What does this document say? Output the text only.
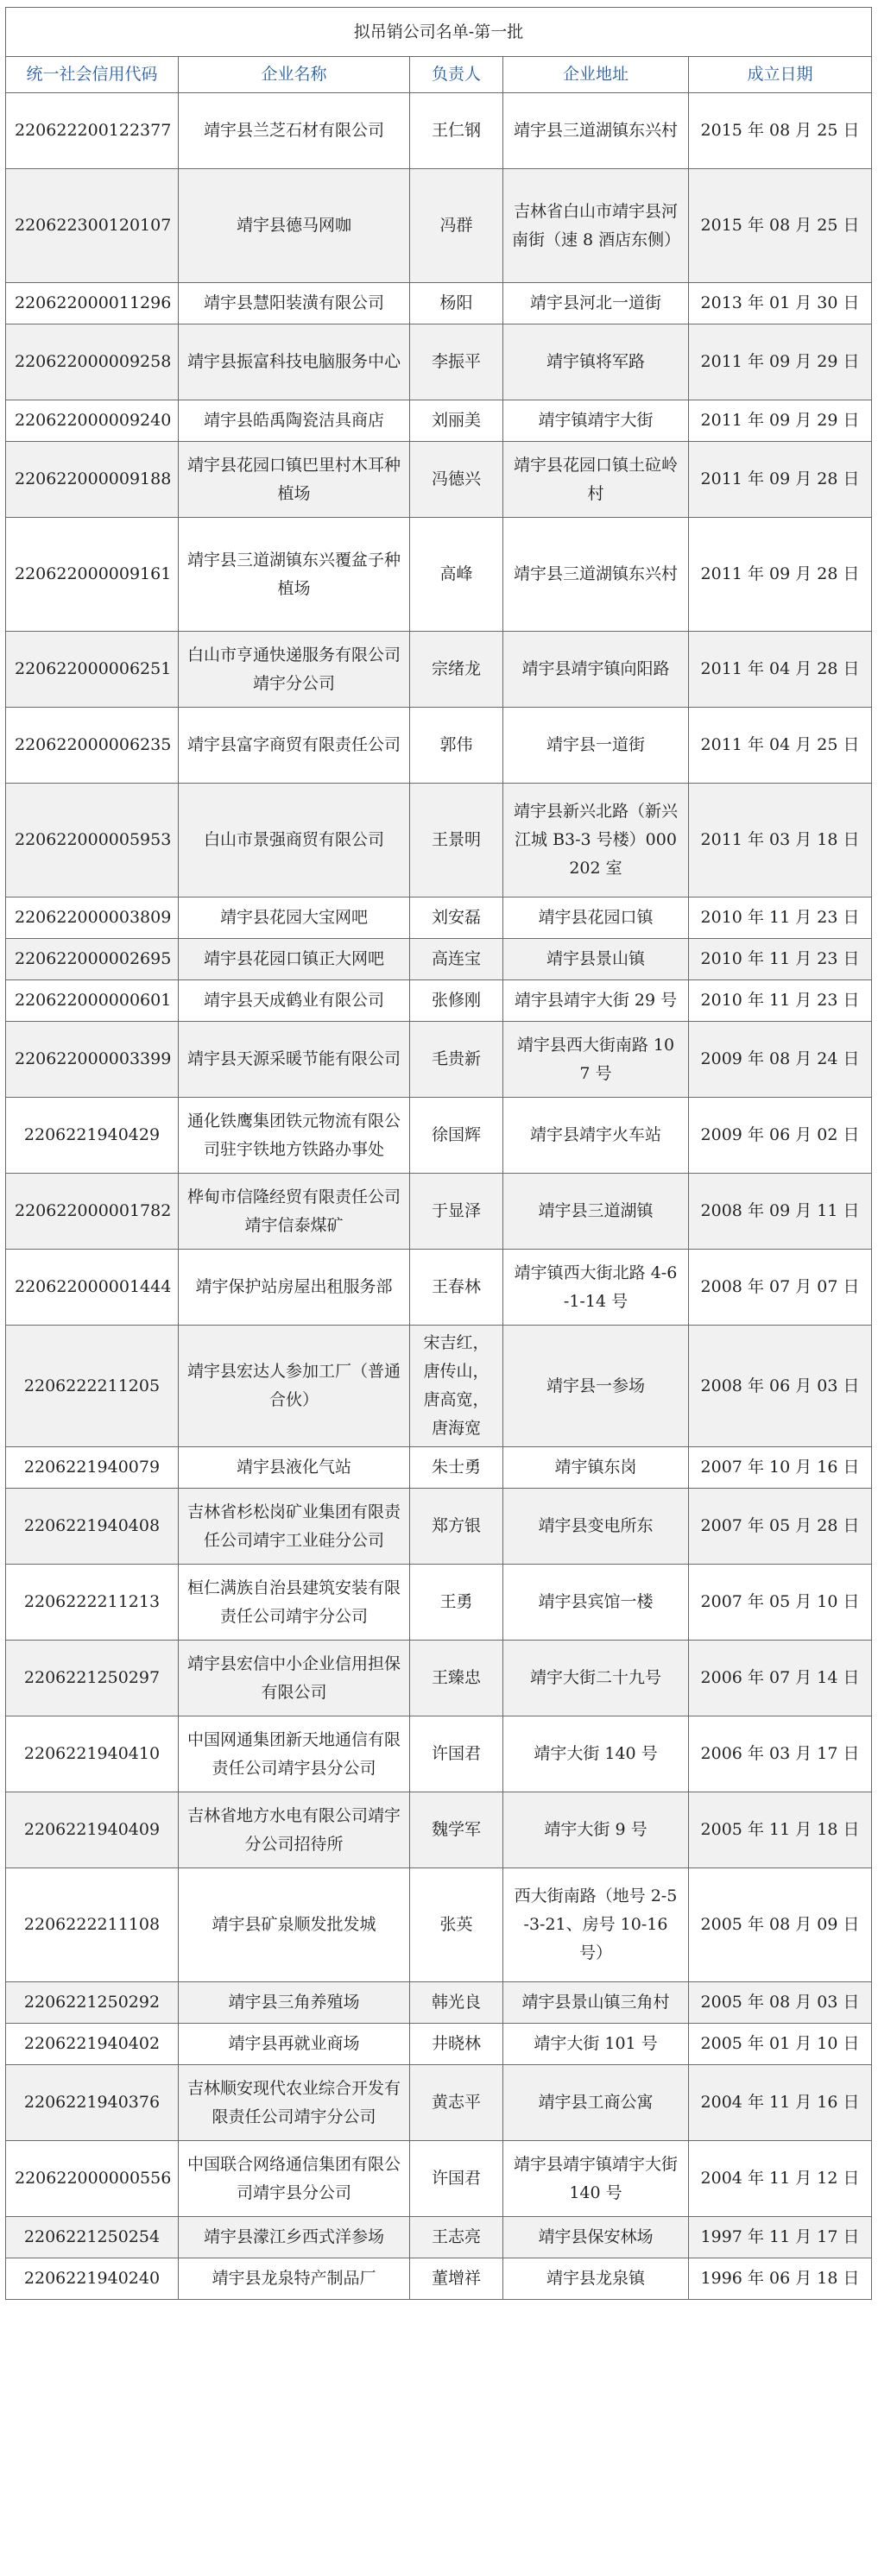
拟吊销公司名单-第一批				
统一社会信用代码	企业名称	负责人	企业地址	成立日期
220622200122377	靖宇县兰芝石材有限公司	王仁钢	靖宇县三道湖镇东兴村	2015 年 08 月 25 日
220622300120107	靖宇县德马网咖	冯群	吉林省白山市靖宇县河南街（速 8 酒店东侧）	2015 年 08 月 25 日
220622000011296	靖宇县慧阳装潢有限公司	杨阳	靖宇县河北一道街	2013 年 01 月 30 日
220622000009258	靖宇县振富科技电脑服务中心	李振平	靖宇镇将军路	2011 年 09 月 29 日
220622000009240	靖宇县皓禹陶瓷洁具商店	刘丽美	靖宇镇靖宇大街	2011 年 09 月 29 日
220622000009188	靖宇县花园口镇巴里村木耳种植场	冯德兴	靖宇县花园口镇土砬岭村	2011 年 09 月 28 日
220622000009161	靖宇县三道湖镇东兴覆盆子种植场	高峰	靖宇县三道湖镇东兴村	2011 年 09 月 28 日
220622000006251	白山市亨通快递服务有限公司靖宇分公司	宗绪龙	靖宇县靖宇镇向阳路	2011 年 04 月 28 日
220622000006235	靖宇县富字商贸有限责任公司	郭伟	靖宇县一道街	2011 年 04 月 25 日
220622000005953	白山市景强商贸有限公司	王景明	靖宇县新兴北路（新兴江城 B3-3 号楼）000202 室	2011 年 03 月 18 日
220622000003809	靖宇县花园大宝网吧	刘安磊	靖宇县花园口镇	2010 年 11 月 23 日
220622000002695	靖宇县花园口镇正大网吧	高连宝	靖宇县景山镇	2010 年 11 月 23 日
220622000000601	靖宇县天成鹤业有限公司	张修刚	靖宇县靖宇大街 29 号	2010 年 11 月 23 日
220622000003399	靖宇县天源采暖节能有限公司	毛贵新	靖宇县西大街南路 107 号	2009 年 08 月 24 日
2206221940429	通化铁鹰集团铁元物流有限公司驻宇铁地方铁路办事处	徐国辉	靖宇县靖宇火车站	2009 年 06 月 02 日
220622000001782	桦甸市信隆经贸有限责任公司靖宇信泰煤矿	于显泽	靖宇县三道湖镇	2008 年 09 月 11 日
220622000001444	靖宇保护站房屋出租服务部	王春林	靖宇镇西大街北路 4-6-1-14 号	2008 年 07 月 07 日
2206222211205	靖宇县宏达人参加工厂（普通合伙）	宋吉红，唐传山，唐高宽，唐海宽	靖宇县一参场	2008 年 06 月 03 日
2206221940079	靖宇县液化气站	朱士勇	靖宇镇东岗	2007 年 10 月 16 日
2206221940408	吉林省杉松岗矿业集团有限责任公司靖宇工业硅分公司	郑方银	靖宇县变电所东	2007 年 05 月 28 日
2206222211213	桓仁满族自治县建筑安装有限责任公司靖宇分公司	王勇	靖宇县宾馆一楼	2007 年 05 月 10 日
2206221250297	靖宇县宏信中小企业信用担保有限公司	王臻忠	靖宇大街二十九号	2006 年 07 月 14 日
2206221940410	中国网通集团新天地通信有限责任公司靖宇县分公司	许国君	靖宇大街 140 号	2006 年 03 月 17 日
2206221940409	吉林省地方水电有限公司靖宇分公司招待所	魏学军	靖宇大街 9 号	2005 年 11 月 18 日
2206222211108	靖宇县矿泉顺发批发城	张英	西大街南路（地号 2-5-3-21、房号 10-16 号）	2005 年 08 月 09 日
2206221250292	靖宇县三角养殖场	韩光良	靖宇县景山镇三角村	2005 年 08 月 03 日
2206221940402	靖宇县再就业商场	井晓林	靖宇大街 101 号	2005 年 01 月 10 日
2206221940376	吉林顺安现代农业综合开发有限责任公司靖宇分公司	黄志平	靖宇县工商公寓	2004 年 11 月 16 日
220622000000556	中国联合网络通信集团有限公司靖宇县分公司	许国君	靖宇县靖宇镇靖宇大街 140 号	2004 年 11 月 12 日
2206221250254	靖宇县濛江乡西式洋参场	王志亮	靖宇县保安林场	1997 年 11 月 17 日
2206221940240	靖宇县龙泉特产制品厂	董增祥	靖宇县龙泉镇	1996 年 06 月 18 日
